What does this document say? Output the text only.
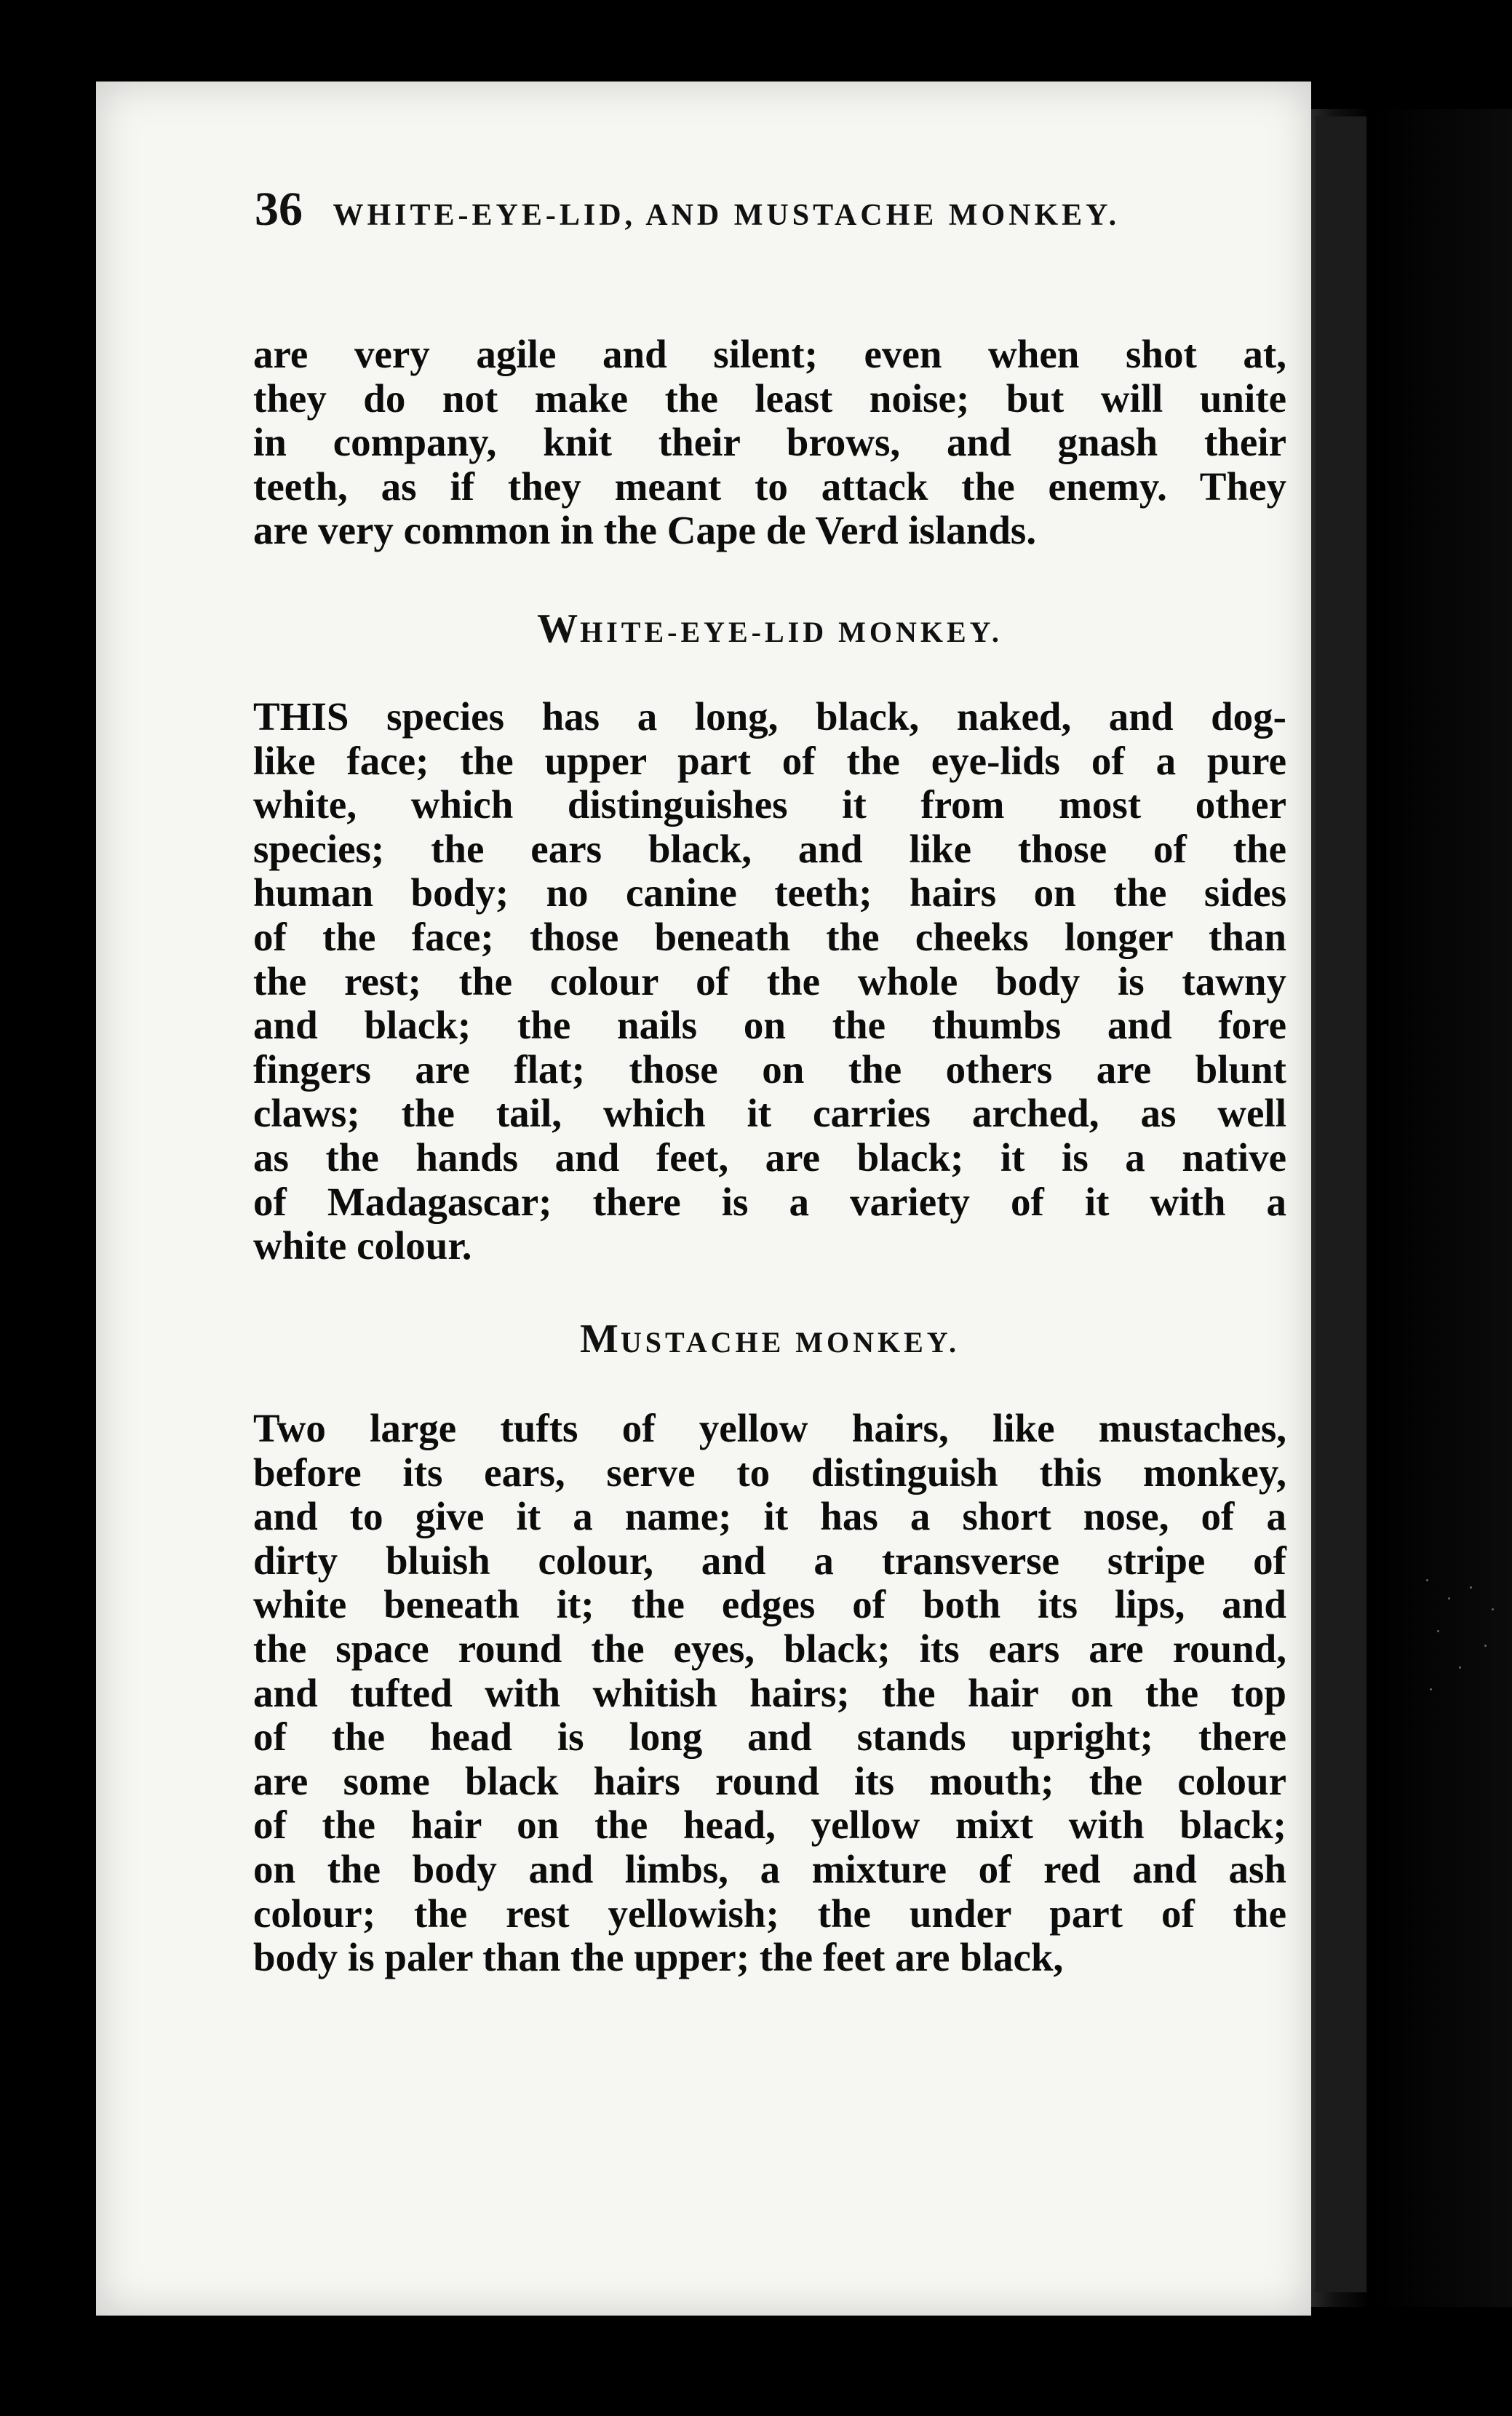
36 WHITE-EYE-LID, AND MUSTACHE MONKEY.
are very agile and silent; even when shot at,
they do not make the least noise; but will unite
in company, knit their brows, and gnash their
teeth, as if they meant to attack the enemy. They
are very common in the Cape de Verd islands.
WHITE-EYE-LID MONKEY.
THIS species has a long, black, naked, and dog-
like face; the upper part of the eye-lids of a pure
white, which distinguishes it from most other
species; the ears black, and like those of the
human body; no canine teeth; hairs on the sides
of the face; those beneath the cheeks longer than
the rest; the colour of the whole body is tawny
and black; the nails on the thumbs and fore
fingers are flat; those on the others are blunt
claws; the tail, which it carries arched, as well
as the hands and feet, are black; it is a native
of Madagascar; there is a variety of it with a
white colour.
MUSTACHE MONKEY.
Two large tufts of yellow hairs, like mustaches,
before its ears, serve to distinguish this monkey,
and to give it a name; it has a short nose, of a
dirty bluish colour, and a transverse stripe of
white beneath it; the edges of both its lips, and
the space round the eyes, black; its ears are round,
and tufted with whitish hairs; the hair on the top
of the head is long and stands upright; there
are some black hairs round its mouth; the colour
of the hair on the head, yellow mixt with black;
on the body and limbs, a mixture of red and ash
colour; the rest yellowish; the under part of the
body is paler than the upper; the feet are black,
